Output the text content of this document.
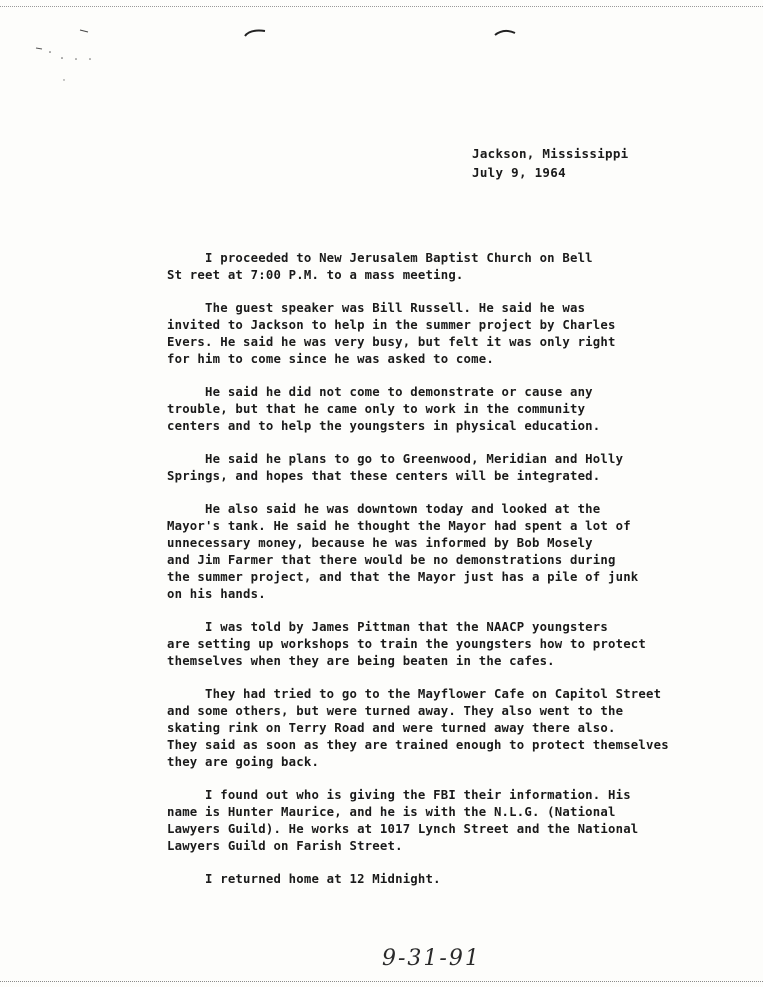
Jackson, Mississippi
July 9, 1964

I proceeded to New Jerusalem Baptist Church on Bell
St reet at 7:00 P.M. to a mass meeting.

The guest speaker was Bill Russell. He said he was
invited to Jackson to help in the summer project by Charles
Evers. He said he was very busy, but felt it was only right
for him to come since he was asked to come.

He said he did not come to demonstrate or cause any
trouble, but that he came only to work in the community
centers and to help the youngsters in physical education.

He said he plans to go to Greenwood, Meridian and Holly
Springs, and hopes that these centers will be integrated.

He also said he was downtown today and looked at the
Mayor's tank. He said he thought the Mayor had spent a lot of
unnecessary money, because he was informed by Bob Mosely
and Jim Farmer that there would be no demonstrations during
the summer project, and that the Mayor just has a pile of junk
on his hands.

I was told by James Pittman that the NAACP youngsters
are setting up workshops to train the youngsters how to protect
themselves when they are being beaten in the cafes.

They had tried to go to the Mayflower Cafe on Capitol Street
and some others, but were turned away. They also went to the
skating rink on Terry Road and were turned away there also.
They said as soon as they are trained enough to protect themselves
they are going back.

I found out who is giving the FBI their information. His
name is Hunter Maurice, and he is with the N.L.G. (National
Lawyers Guild). He works at 1017 Lynch Street and the National
Lawyers Guild on Farish Street.

I returned home at 12 Midnight.

9-31-91
